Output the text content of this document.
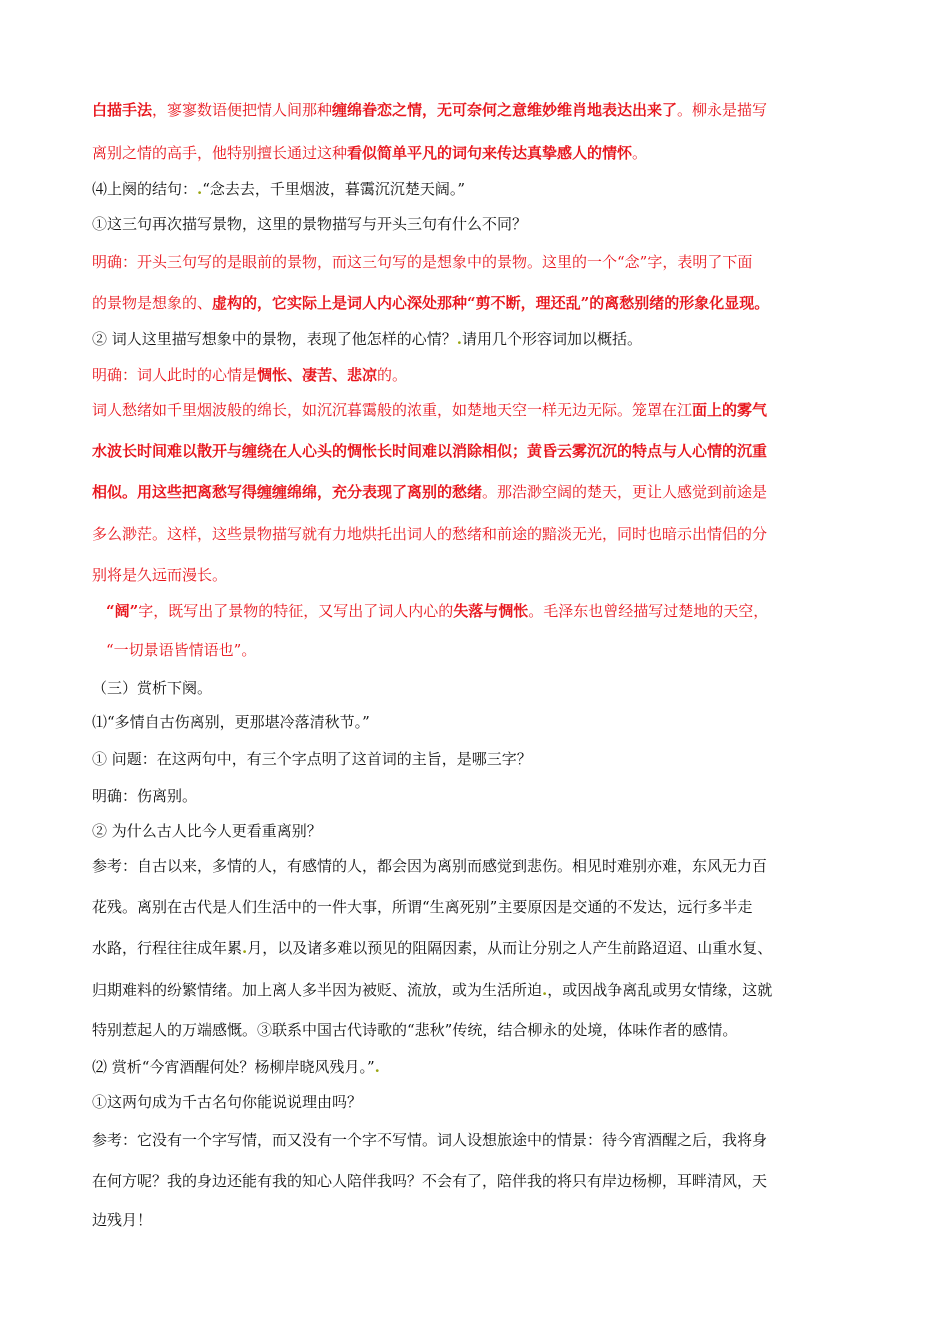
白描手法，寥寥数语便把情人间那种缠绵眷恋之情，无可奈何之意维妙维肖地表达出来了。柳永是描写
离别之情的高手，他特别擅长通过这种看似简单平凡的词句来传达真挚感人的情怀。
⑷上阕的结句：.“念去去，千里烟波，暮霭沉沉楚天阔。”
①这三句再次描写景物，这里的景物描写与开头三句有什么不同？
明确：开头三句写的是眼前的景物，而这三句写的是想象中的景物。这里的一个“念”字，表明了下面
的景物是想象的、虚构的，它实际上是词人内心深处那种“剪不断，理还乱”的离愁别绪的形象化显现。
② 词人这里描写想象中的景物，表现了他怎样的心情？.请用几个形容词加以概括。
明确：词人此时的心情是惆怅、凄苦、悲凉的。
词人愁绪如千里烟波般的绵长，如沉沉暮霭般的浓重，如楚地天空一样无边无际。笼罩在江面上的雾气
水波长时间难以散开与缠绕在人心头的惆怅长时间难以消除相似；黄昏云雾沉沉的特点与人心情的沉重
相似。用这些把离愁写得缠缠绵绵，充分表现了离别的愁绪。那浩渺空阔的楚天，更让人感觉到前途是
多么渺茫。这样，这些景物描写就有力地烘托出词人的愁绪和前途的黯淡无光，同时也暗示出情侣的分
别将是久远而漫长。
“阔”字，既写出了景物的特征，又写出了词人内心的失落与惆怅。毛泽东也曾经描写过楚地的天空，
“一切景语皆情语也”。
（三）赏析下阕。
⑴“多情自古伤离别，更那堪冷落清秋节。”
① 问题：在这两句中，有三个字点明了这首词的主旨，是哪三字？
明确：伤离别。
② 为什么古人比今人更看重离别？
参考：自古以来，多情的人，有感情的人，都会因为离别而感觉到悲伤。相见时难别亦难，东风无力百
花残。离别在古代是人们生活中的一件大事，所谓“生离死别”主要原因是交通的不发达，远行多半走
水路，行程往往成年累.月，以及诸多难以预见的阻隔因素，从而让分别之人产生前路迢迢、山重水复、
归期难料的纷繁情绪。加上离人多半因为被贬、流放，或为生活所迫.，或因战争离乱或男女情缘，这就
特别惹起人的万端感慨。③联系中国古代诗歌的“悲秋”传统，结合柳永的处境，体味作者的感情。
⑵ 赏析“今宵酒醒何处？杨柳岸晓风残月。”.
①这两句成为千古名句你能说说理由吗？
参考：它没有一个字写情，而又没有一个字不写情。词人设想旅途中的情景：待今宵酒醒之后，我将身
在何方呢？我的身边还能有我的知心人陪伴我吗？不会有了，陪伴我的将只有岸边杨柳，耳畔清风，天
边残月！
